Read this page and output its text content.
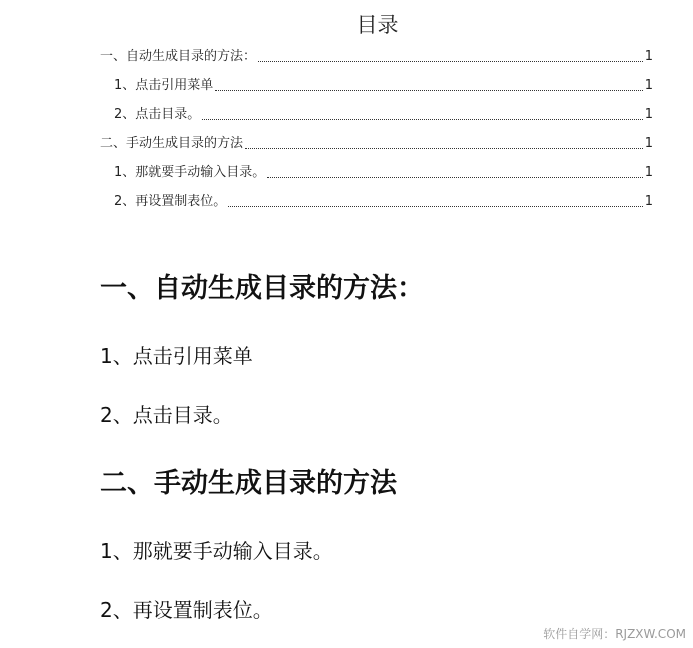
目录
一、自动生成目录的方法：	1
1、点击引用菜单	1
2、点击目录。	1
二、手动生成目录的方法	1
1、那就要手动输入目录。	1
2、再设置制表位。	1
一、自动生成目录的方法：
1、点击引用菜单
2、点击目录。
二、手动生成目录的方法
1、那就要手动输入目录。
2、再设置制表位。
软件自学网：RJZXW.COM
